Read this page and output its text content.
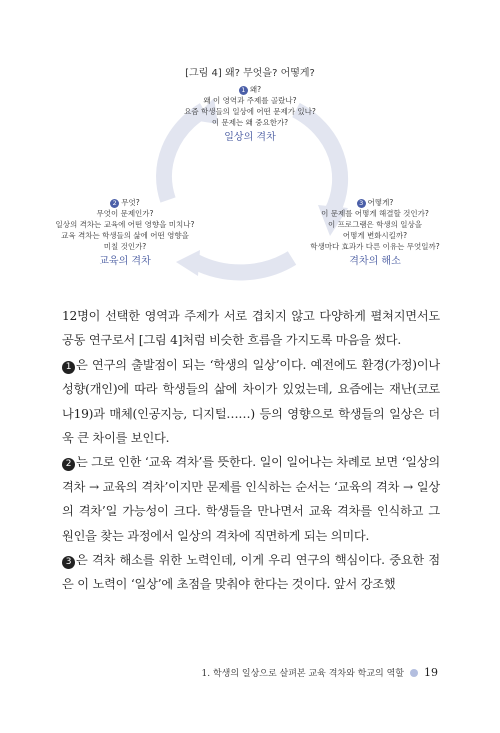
[그림 4] 왜? 무엇을? 어떻게?
1 왜?
왜 이 영역과 주제를 골랐나?
요즘 학생들의 일상에 어떤 문제가 있나?
이 문제는 왜 중요한가?
일상의 격차
2 무엇?
무엇이 문제인가?
일상의 격차는 교육에 어떤 영향을 미치나?
교육 격차는 학생들의 삶에 어떤 영향을
미칠 것인가?
교육의 격차
3 어떻게?
이 문제를 어떻게 해결할 것인가?
이 프로그램은 학생의 일상을
어떻게 변화시킬까?
학생마다 효과가 다른 이유는 무엇일까?
격차의 해소

12명이 선택한 영역과 주제가 서로 겹치지 않고 다양하게 펼쳐지면서도 공동 연구로서 [그림 4]처럼 비슷한 흐름을 가지도록 마음을 썼다.

1 은 연구의 출발점이 되는 ‘학생의 일상’이다. 예전에도 환경(가정)이나 성향(개인)에 따라 학생들의 삶에 차이가 있었는데, 요즘에는 재난(코로나19)과 매체(인공지능, 디지털……) 등의 영향으로 학생들의 일상은 더욱 큰 차이를 보인다.

2 는 그로 인한 ‘교육 격차’를 뜻한다. 일이 일어나는 차례로 보면 ‘일상의 격차 → 교육의 격차’이지만 문제를 인식하는 순서는 ‘교육의 격차 → 일상의 격차’일 가능성이 크다. 학생들을 만나면서 교육 격차를 인식하고 그 원인을 찾는 과정에서 일상의 격차에 직면하게 되는 의미다.

3 은 격차 해소를 위한 노력인데, 이게 우리 연구의 핵심이다. 중요한 점은 이 노력이 ‘일상’에 초점을 맞춰야 한다는 것이다. 앞서 강조했

1. 학생의 일상으로 살펴본 교육 격차와 학교의 역할 19
